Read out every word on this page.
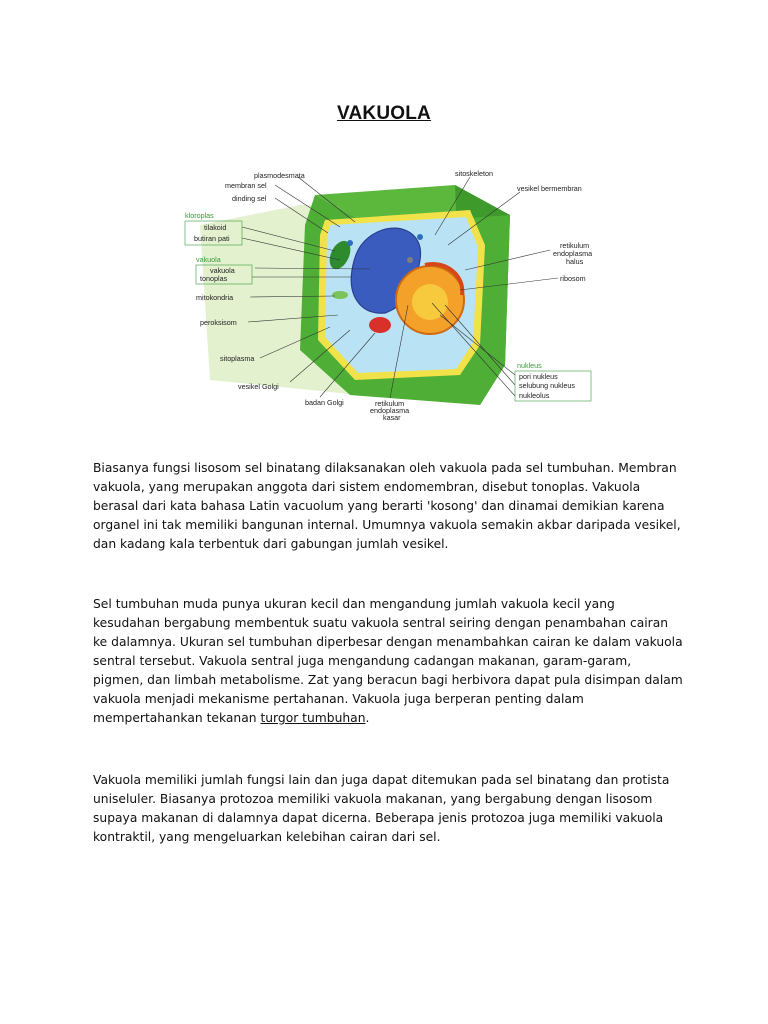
VAKUOLA
plasmodesmata
membran sel
dinding sel
kloroplas
tilakoid
butiran pati
vakuola
vakuola
tonoplas
mitokondria
peroksisom
sitoplasma
vesikel Golgi
badan Golgi	retikulum
endoplasma
kasar
sitoskeleton
vesikel bermembran
retikulum
endoplasma
halus
ribosom
nukleus
pori nukleus
selubung nukleus
nukleolus

Biasanya fungsi lisosom sel binatang dilaksanakan oleh vakuola pada sel tumbuhan. Membran vakuola, yang merupakan anggota dari sistem endomembran, disebut tonoplas. Vakuola berasal dari kata bahasa Latin vacuolum yang berarti 'kosong' dan dinamai demikian karena organel ini tak memiliki bangunan internal. Umumnya vakuola semakin akbar daripada vesikel, dan kadang kala terbentuk dari gabungan jumlah vesikel.

Sel tumbuhan muda punya ukuran kecil dan mengandung jumlah vakuola kecil yang kesudahan bergabung membentuk suatu vakuola sentral seiring dengan penambahan cairan ke dalamnya. Ukuran sel tumbuhan diperbesar dengan menambahkan cairan ke dalam vakuola sentral tersebut. Vakuola sentral juga mengandung cadangan makanan, garam-garam, pigmen, dan limbah metabolisme. Zat yang beracun bagi herbivora dapat pula disimpan dalam vakuola menjadi mekanisme pertahanan. Vakuola juga berperan penting dalam mempertahankan tekanan turgor tumbuhan.

Vakuola memiliki jumlah fungsi lain dan juga dapat ditemukan pada sel binatang dan protista uniseluler. Biasanya protozoa memiliki vakuola makanan, yang bergabung dengan lisosom supaya makanan di dalamnya dapat dicerna. Beberapa jenis protozoa juga memiliki vakuola kontraktil, yang mengeluarkan kelebihan cairan dari sel.
